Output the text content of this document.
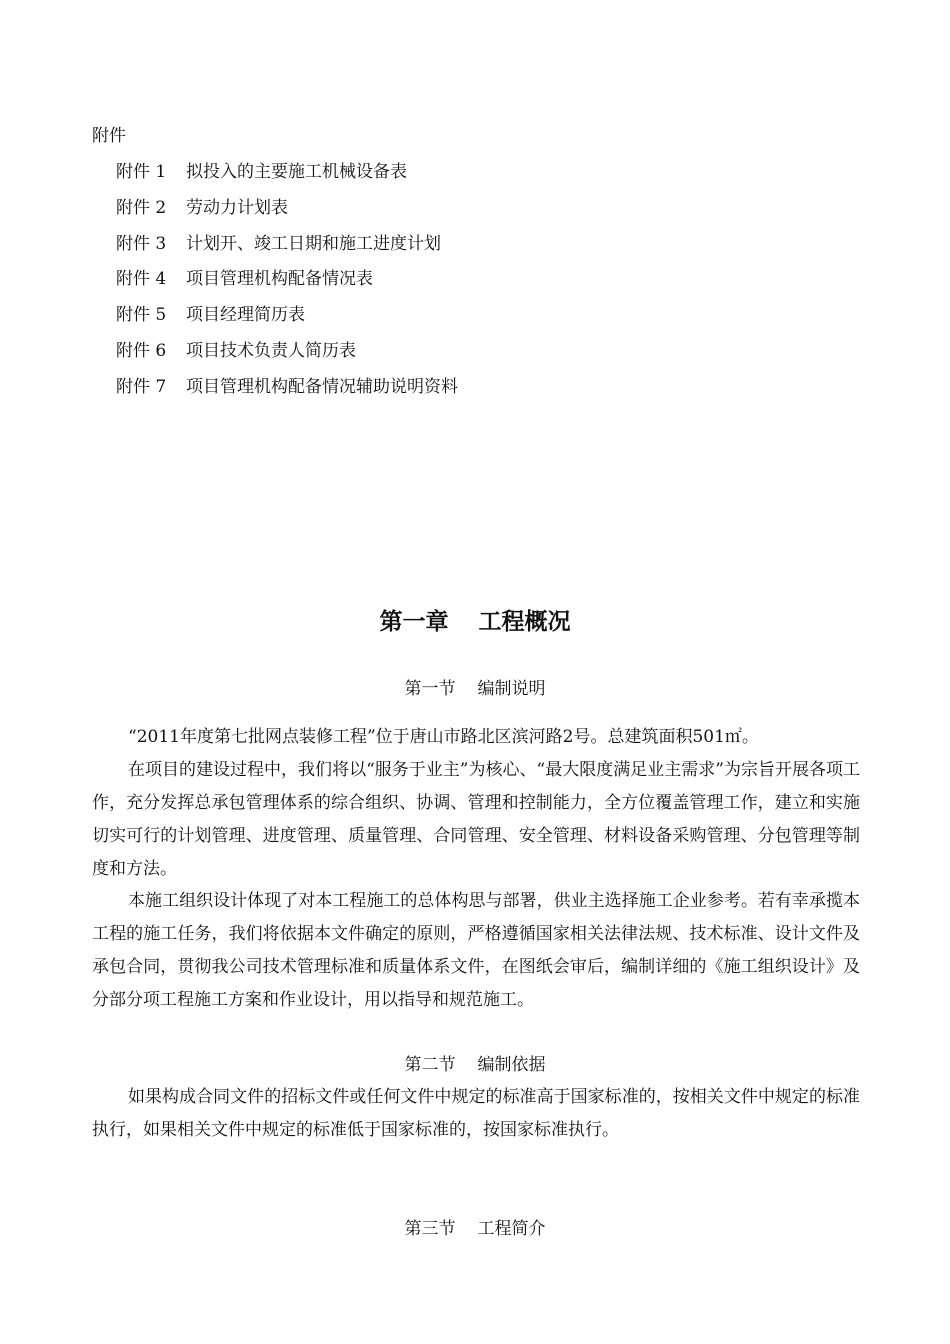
附件
附件 1 拟投入的主要施工机械设备表
附件 2 劳动力计划表
附件 3 计划开、竣工日期和施工进度计划
附件 4 项目管理机构配备情况表
附件 5 项目经理简历表
附件 6 项目技术负责人简历表
附件 7 项目管理机构配备情况辅助说明资料
第一章 工程概况
第一节 编制说明

“2011年度第七批网点装修工程”位于唐山市路北区滨河路2号。总建筑面积501㎡。

在项目的建设过程中，我们将以“服务于业主”为核心、“最大限度满足业主需求”为宗旨开展各项工作，充分发挥总承包管理体系的综合组织、协调、管理和控制能力，全方位覆盖管理工作，建立和实施切实可行的计划管理、进度管理、质量管理、合同管理、安全管理、材料设备采购管理、分包管理等制度和方法。

本施工组织设计体现了对本工程施工的总体构思与部署，供业主选择施工企业参考。若有幸承揽本工程的施工任务，我们将依据本文件确定的原则，严格遵循国家相关法律法规、技术标准、设计文件及承包合同，贯彻我公司技术管理标准和质量体系文件，在图纸会审后，编制详细的《施工组织设计》及分部分项工程施工方案和作业设计，用以指导和规范施工。

第二节 编制依据

如果构成合同文件的招标文件或任何文件中规定的标准高于国家标准的，按相关文件中规定的标准执行，如果相关文件中规定的标准低于国家标准的，按国家标准执行。

第三节 工程简介
